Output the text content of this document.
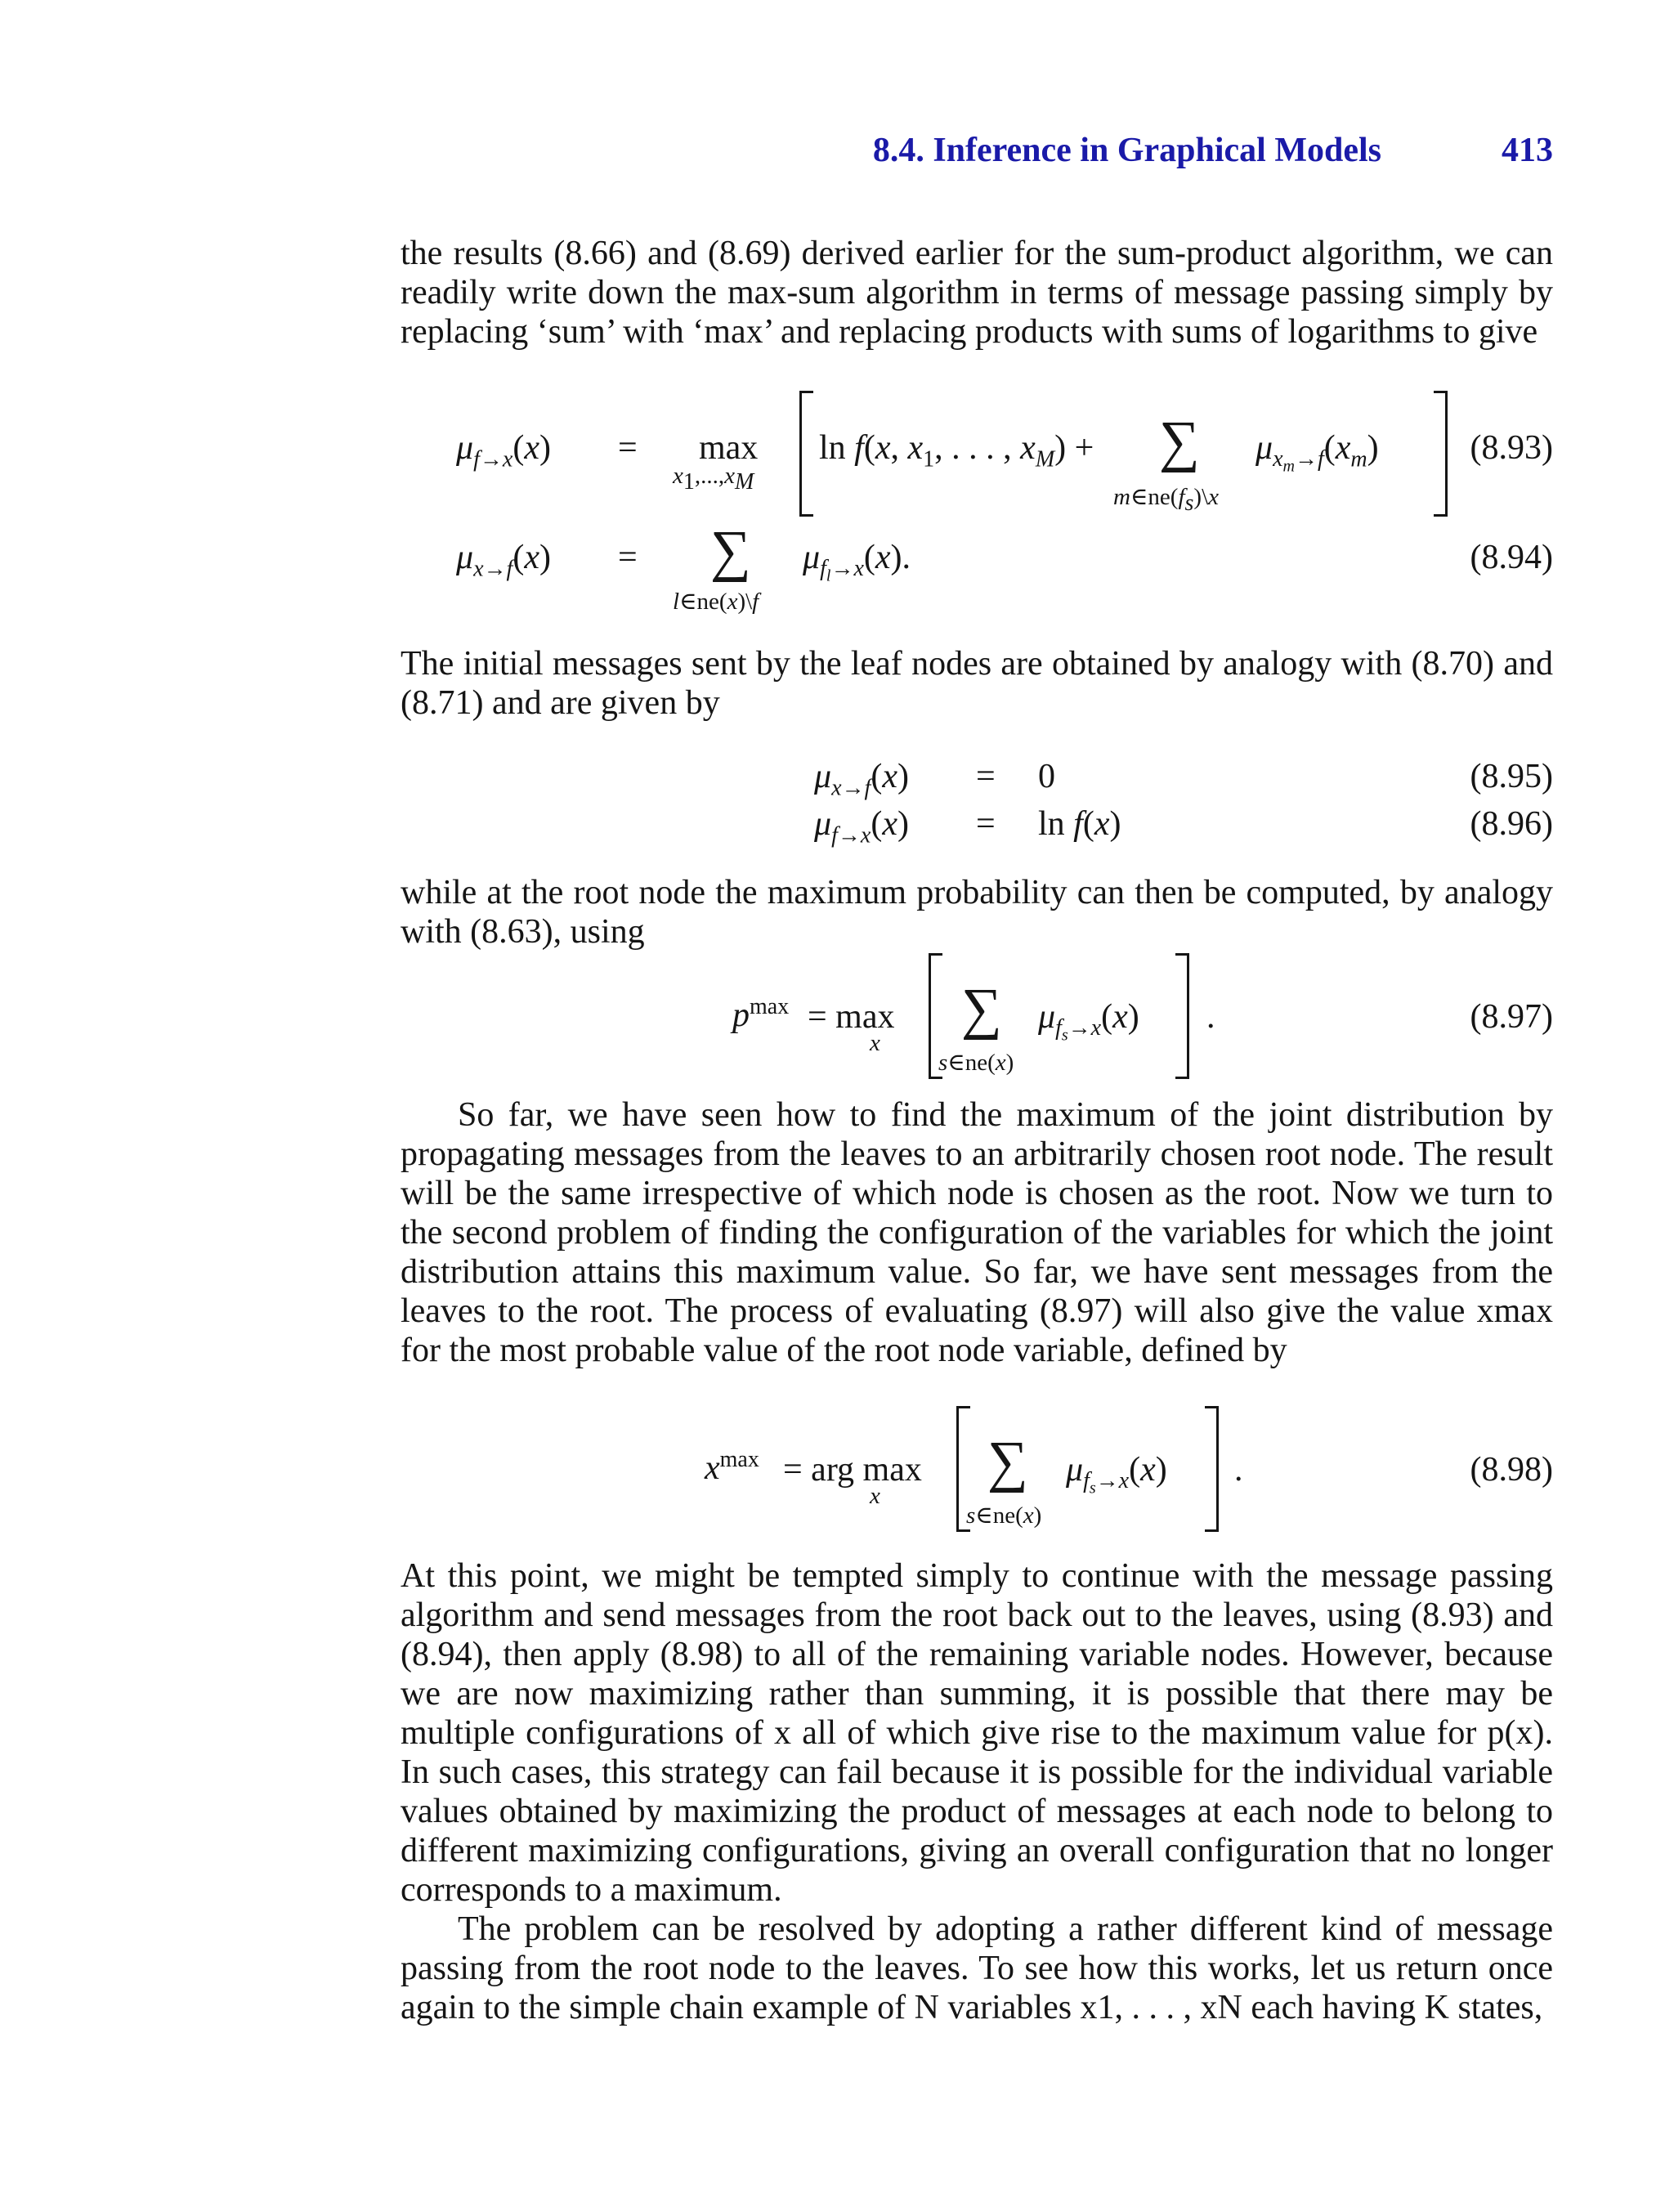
8.4. Inference in Graphical Models	413

the results (8.66) and (8.69) derived earlier for the sum-product algorithm, we can readily write down the max-sum algorithm in terms of message passing simply by replacing ‘sum’ with ‘max’ and replacing products with sums of logarithms to give

$\mu_{f\to x}(x) = \max$
$x_1,...,x_M$
ln f(x, $x_1$, . . . , $x_M$) + ∑
$m\in ne(f_s)\backslash x$
$\mu_{x_m\to f}(x_m)$	(8.93)
$\mu_{x\to f}(x)$ = ∑
l∈ne(x)\f
$\mu_{f_l\to x}(x)$.	(8.94)

The initial messages sent by the leaf nodes are obtained by analogy with (8.70) and (8.71) and are given by

$\mu_{x\to f}(x) = 0$	(8.95)
$\mu_{f\to x}(x) = \ln f(x)$	(8.96)

while at the root node the maximum probability can then be computed, by analogy with (8.63), using

$p^{max} = \max$
x
∑
s∈ne(x)
$\mu_{f_s\to x}(x)$ .	(8.97)

So far, we have seen how to find the maximum of the joint distribution by propagating messages from the leaves to an arbitrarily chosen root node. The result will be the same irrespective of which node is chosen as the root. Now we turn to the second problem of finding the configuration of the variables for which the joint distribution attains this maximum value. So far, we have sent messages from the leaves to the root. The process of evaluating (8.97) will also give the value xmax for the most probable value of the root node variable, defined by

$x^{max}$ = arg max
x
∑
s∈ne(x)
$\mu_{f_s\to x}(x)$ .	(8.98)

At this point, we might be tempted simply to continue with the message passing algorithm and send messages from the root back out to the leaves, using (8.93) and (8.94), then apply (8.98) to all of the remaining variable nodes. However, because we are now maximizing rather than summing, it is possible that there may be multiple configurations of x all of which give rise to the maximum value for p(x). In such cases, this strategy can fail because it is possible for the individual variable values obtained by maximizing the product of messages at each node to belong to different maximizing configurations, giving an overall configuration that no longer corresponds to a maximum.

The problem can be resolved by adopting a rather different kind of message passing from the root node to the leaves. To see how this works, let us return once again to the simple chain example of N variables x1, . . . , xN each having K states,
